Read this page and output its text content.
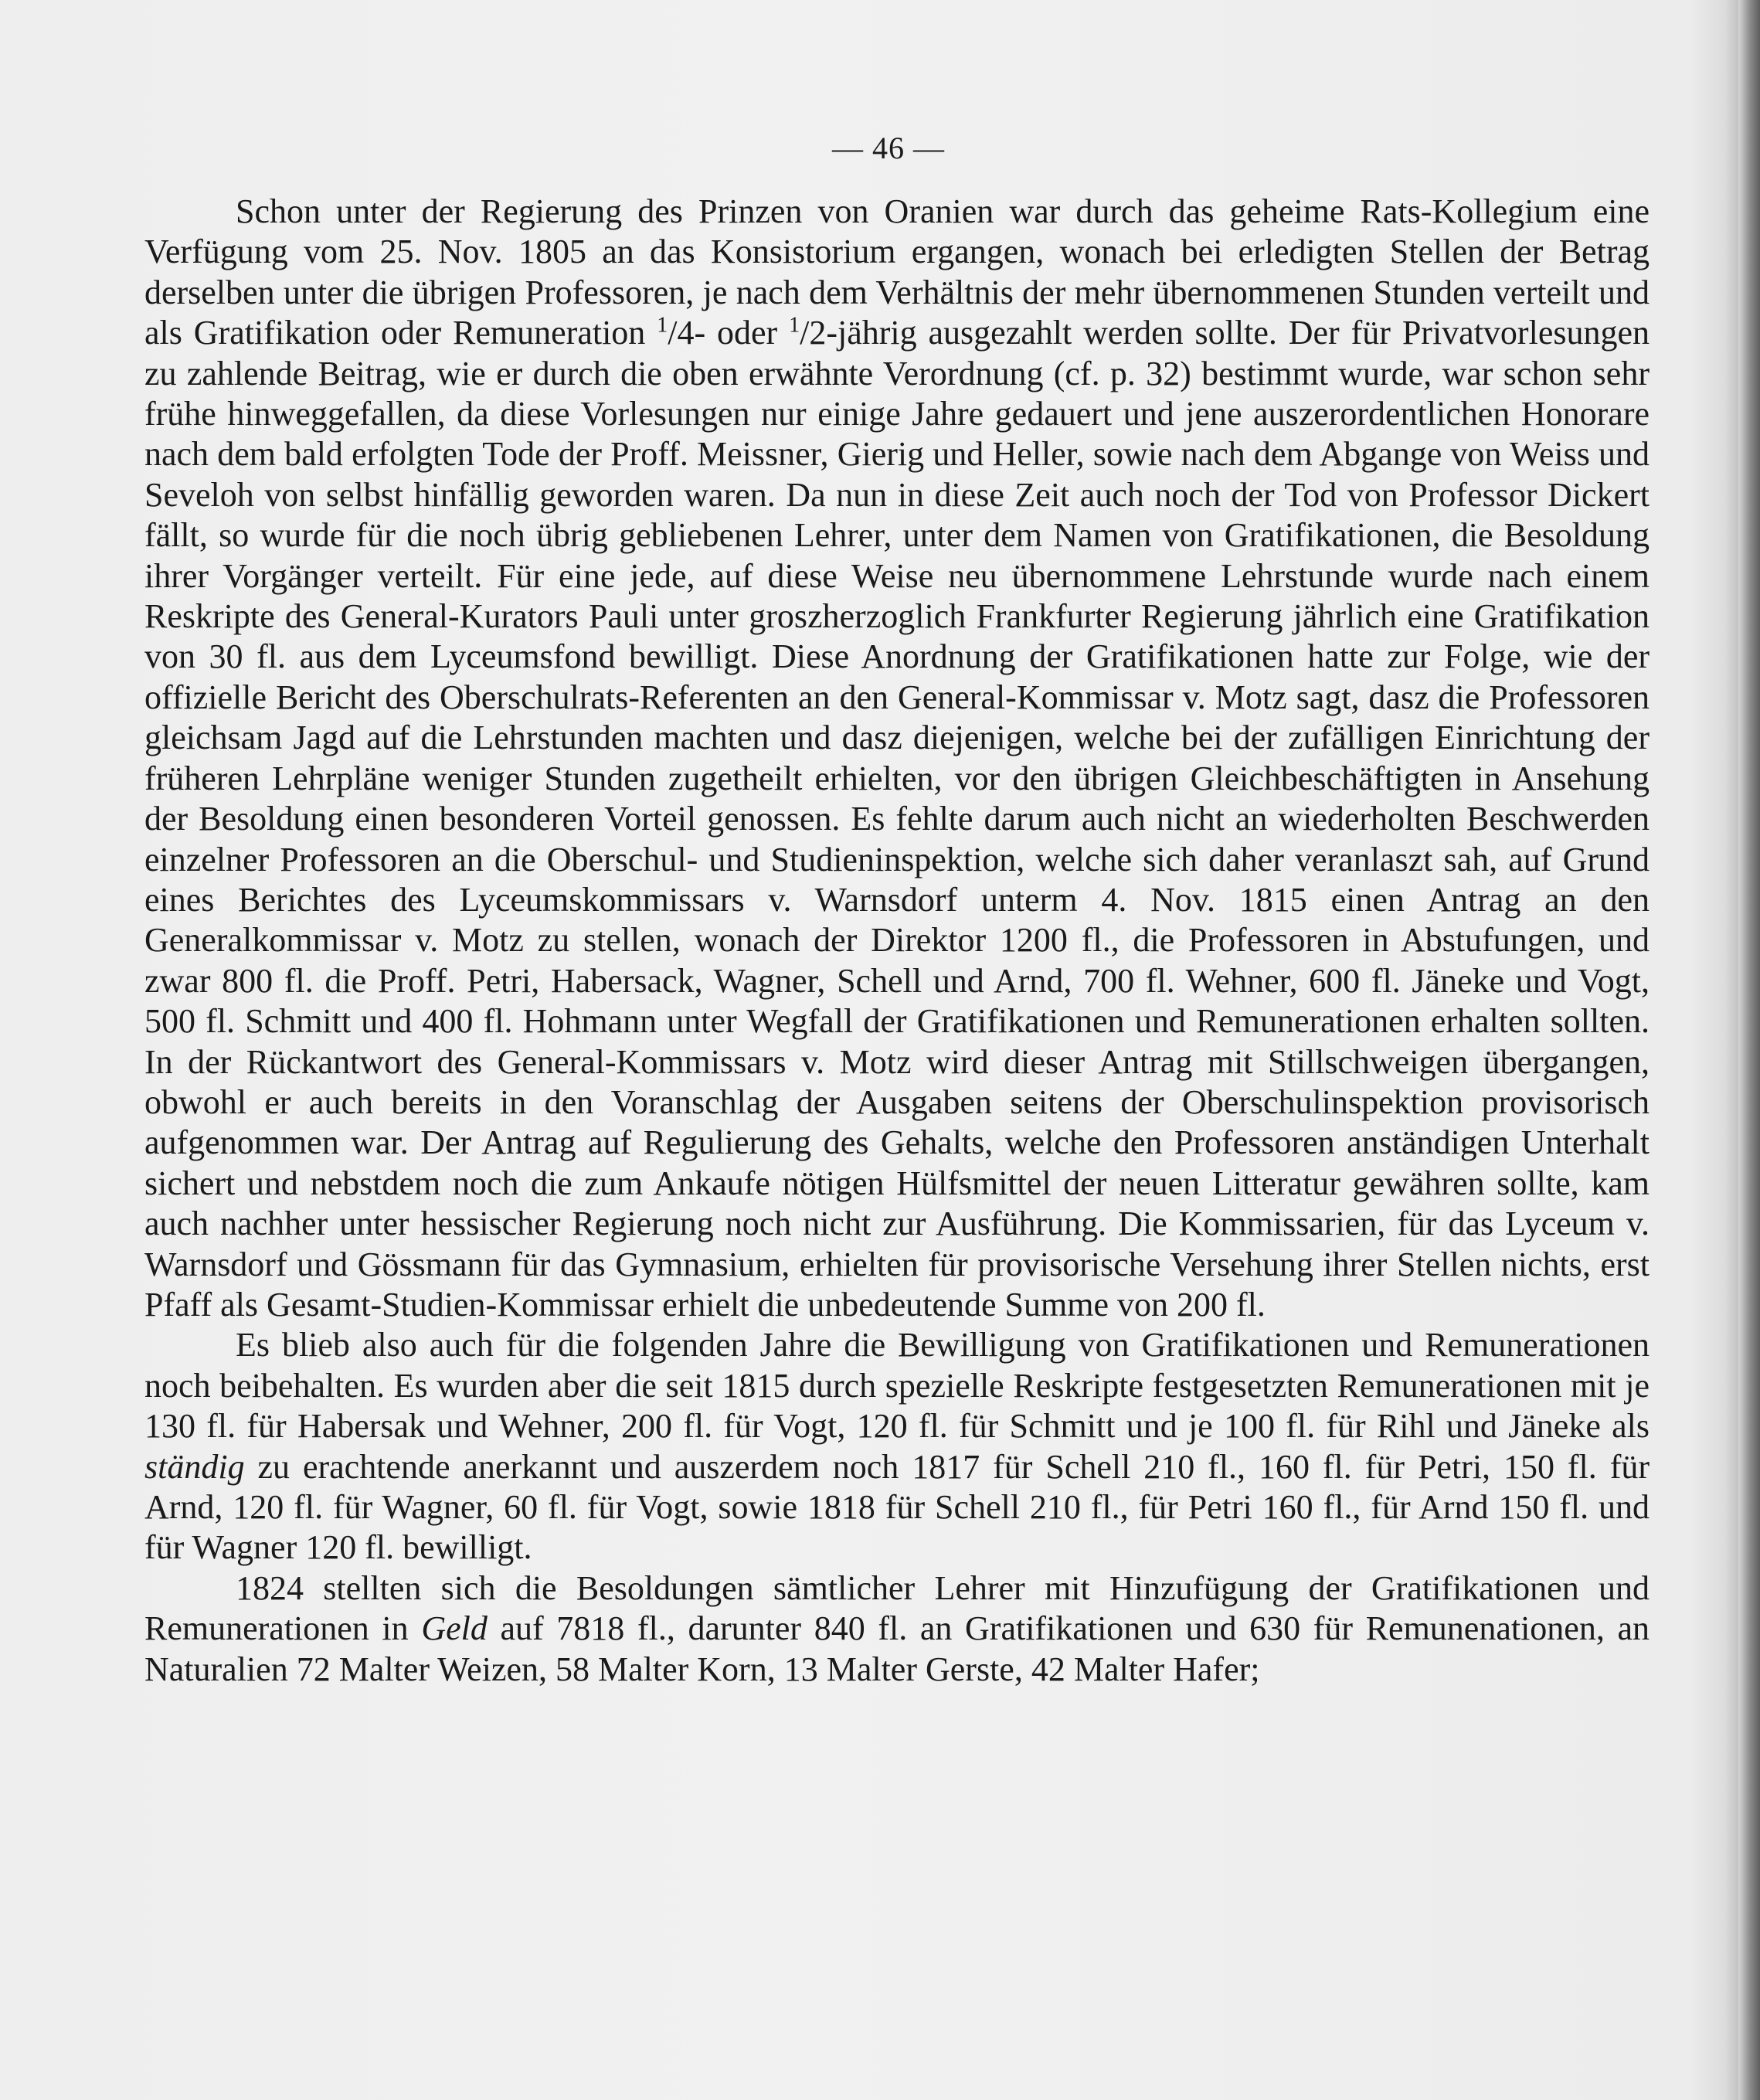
— 46 —

Schon unter der Regierung des Prinzen von Oranien war durch das geheime Rats-Kollegium eine Verfügung vom 25. Nov. 1805 an das Konsistorium ergangen, wonach bei erledigten Stellen der Betrag derselben unter die übrigen Professoren, je nach dem Verhältnis der mehr übernommenen Stunden verteilt und als Gratifikation oder Remuneration $^1$/4- oder $^1$/2-jährig ausgezahlt werden sollte. Der für Privatvorlesungen zu zahlende Beitrag, wie er durch die oben erwähnte Verordnung (cf. p. 32) bestimmt wurde, war schon sehr frühe hinweggefallen, da diese Vorlesungen nur einige Jahre gedauert und jene auszerordentlichen Honorare nach dem bald erfolgten Tode der Proff. Meissner, Gierig und Heller, sowie nach dem Abgange von Weiss und Seveloh von selbst hinfällig geworden waren. Da nun in diese Zeit auch noch der Tod von Professor Dickert fällt, so wurde für die noch übrig gebliebenen Lehrer, unter dem Namen von Gratifikationen, die Besoldung ihrer Vorgänger verteilt. Für eine jede, auf diese Weise neu übernommene Lehrstunde wurde nach einem Reskripte des General-Kurators Pauli unter groszherzoglich Frankfurter Regierung jährlich eine Gratifikation von 30 fl. aus dem Lyceumsfond bewilligt. Diese Anordnung der Gratifikationen hatte zur Folge, wie der offizielle Bericht des Oberschulrats-Referenten an den General-Kommissar v. Motz sagt, dasz die Professoren gleichsam Jagd auf die Lehrstunden machten und dasz diejenigen, welche bei der zufälligen Einrichtung der früheren Lehrpläne weniger Stunden zugetheilt erhielten, vor den übrigen Gleichbeschäftigten in Ansehung der Besoldung einen besonderen Vorteil genossen. Es fehlte darum auch nicht an wiederholten Beschwerden einzelner Professoren an die Oberschul- und Studieninspektion, welche sich daher veranlaszt sah, auf Grund eines Berichtes des Lyceumskommissars v. Warnsdorf unterm 4. Nov. 1815 einen Antrag an den Generalkommissar v. Motz zu stellen, wonach der Direktor 1200 fl., die Professoren in Abstufungen, und zwar 800 fl. die Proff. Petri, Habersack, Wagner, Schell und Arnd, 700 fl. Wehner, 600 fl. Jäneke und Vogt, 500 fl. Schmitt und 400 fl. Hohmann unter Wegfall der Gratifikationen und Remunerationen erhalten sollten. In der Rückantwort des General-Kommissars v. Motz wird dieser Antrag mit Stillschweigen übergangen, obwohl er auch bereits in den Voranschlag der Ausgaben seitens der Oberschulinspektion provisorisch aufgenommen war. Der Antrag auf Regulierung des Gehalts, welche den Professoren anständigen Unterhalt sichert und nebstdem noch die zum Ankaufe nötigen Hülfsmittel der neuen Litteratur gewähren sollte, kam auch nachher unter hessischer Regierung noch nicht zur Ausführung. Die Kommissarien, für das Lyceum v. Warnsdorf und Gössmann für das Gymnasium, erhielten für provisorische Versehung ihrer Stellen nichts, erst Pfaff als Gesamt-Studien-Kommissar erhielt die unbedeutende Summe von 200 fl.

Es blieb also auch für die folgenden Jahre die Bewilligung von Gratifikationen und Remunerationen noch beibehalten. Es wurden aber die seit 1815 durch spezielle Reskripte festgesetzten Remunerationen mit je 130 fl. für Habersak und Wehner, 200 fl. für Vogt, 120 fl. für Schmitt und je 100 fl. für Rihl und Jäneke als ständig zu erachtende anerkannt und auszerdem noch 1817 für Schell 210 fl., 160 fl. für Petri, 150 fl. für Arnd, 120 fl. für Wagner, 60 fl. für Vogt, sowie 1818 für Schell 210 fl., für Petri 160 fl., für Arnd 150 fl. und für Wagner 120 fl. bewilligt.

1824 stellten sich die Besoldungen sämtlicher Lehrer mit Hinzufügung der Gratifikationen und Remunerationen in Geld auf 7818 fl., darunter 840 fl. an Gratifikationen und 630 für Remunenationen, an Naturalien 72 Malter Weizen, 58 Malter Korn, 13 Malter Gerste, 42 Malter Hafer;
